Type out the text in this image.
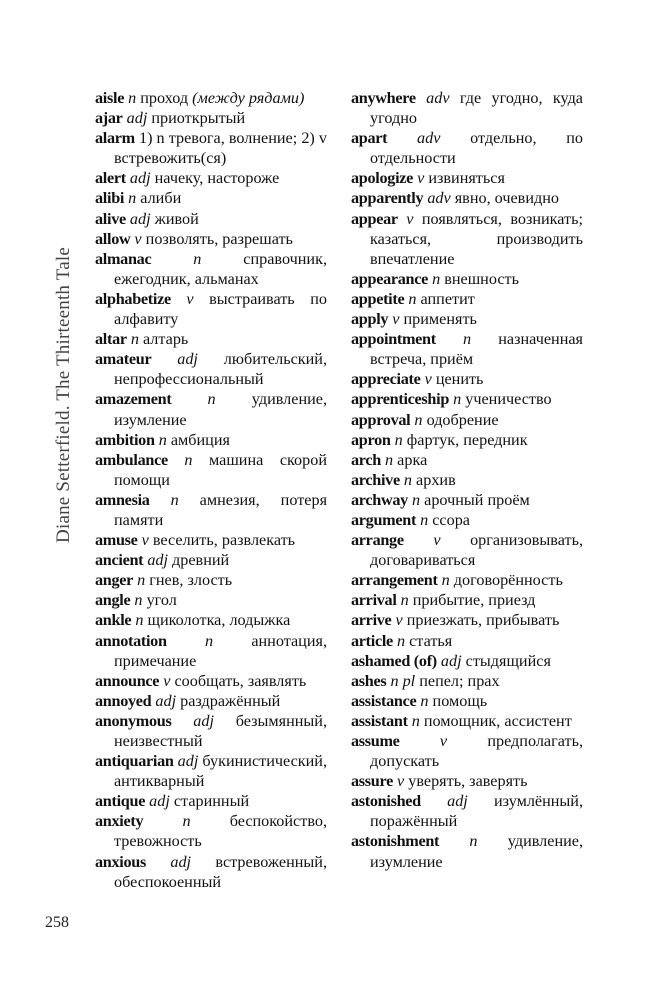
Diane Setterfield. The Thirteenth Tale

aisle n проход (между рядами)

ajar adj приоткрытый

alarm 1) n тревога, волнение; 2) v встревожить(ся)

alert adj начеку, настороже

alibi n алиби

alive adj живой

allow v позволять, разрешать

almanac	n	справочник, ежегодник, альманах

alphabetize v выстраивать по алфавиту

altar n алтарь

amateur adj любительский, непрофессиональный

amazement n удивление, изумление

ambition n амбиция

ambulance n машина скорой помощи

amnesia n амнезия, потеря памяти

amuse v веселить, развлекать

ancient adj древний

anger n гнев, злость

angle n угол

ankle n щиколотка, лодыжка

annotation n аннотация, примечание

announce v сообщать, заявлять

annoyed adj раздражённый

anonymous adj безымянный, неизвестный

antiquarian adj букинистический, антикварный

antique adj старинный

anxiety n беспокойство, тревожность

anxious adj встревоженный, обеспокоенный

anywhere adv где угодно, куда угодно

apart adv отдельно, по отдельности

apologize v извиняться

apparently adv явно, очевидно

appear v появляться, возникать; казаться, производить впечатление

appearance n внешность

appetite n аппетит

apply v применять

appointment n назначенная встреча, приём

appreciate v ценить

apprenticeship n ученичество

approval n одобрение

apron n фартук, передник

arch n арка

archive n архив

archway n арочный проём

argument n ссора

arrange v организовывать, договариваться

arrangement n договорённость

arrival n прибытие, приезд

arrive v приезжать, прибывать

article n статья

ashamed (of) adj стыдящийся

ashes n pl пепел; прах

assistance n помощь

assistant n помощник, ассистент

assume v предполагать, допускать

assure v уверять, заверять

astonished adj изумлённый, поражённый

astonishment n удивление, изумление

258
